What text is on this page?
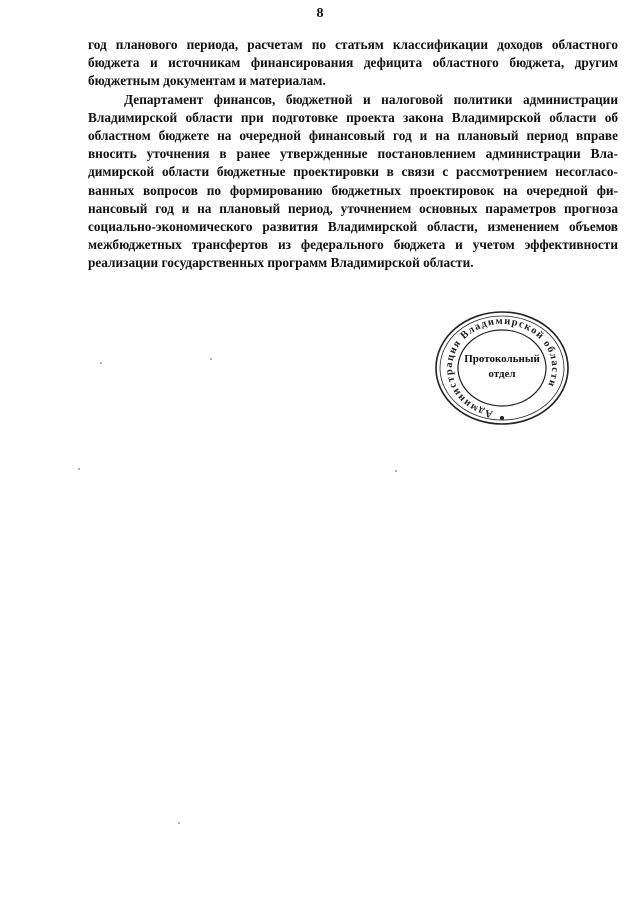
8

год планового периода, расчетам по статьям классификации доходов областного
бюджета и источникам финансирования дефицита областного бюджета, другим
бюджетным документам и материалам.

Департамент финансов, бюджетной и налоговой политики администрации
Владимирской области при подготовке проекта закона Владимирской области об
областном бюджете на очередной финансовый год и на плановый период вправе
вносить уточнения в ранее утвержденные постановлением администрации Вла-
димирской области бюджетные проектировки в связи с рассмотрением несогласо-
ванных вопросов по формированию бюджетных проектировок на очередной фи-
нансовый год и на плановый период, уточнением основных параметров прогноза
социально-экономического развития Владимирской области, изменением объемов
межбюджетных трансфертов из федерального бюджета и учетом эффективности
реализации государственных программ Владимирской области.

Администрация Владимирской области
Протокольный
отдел
